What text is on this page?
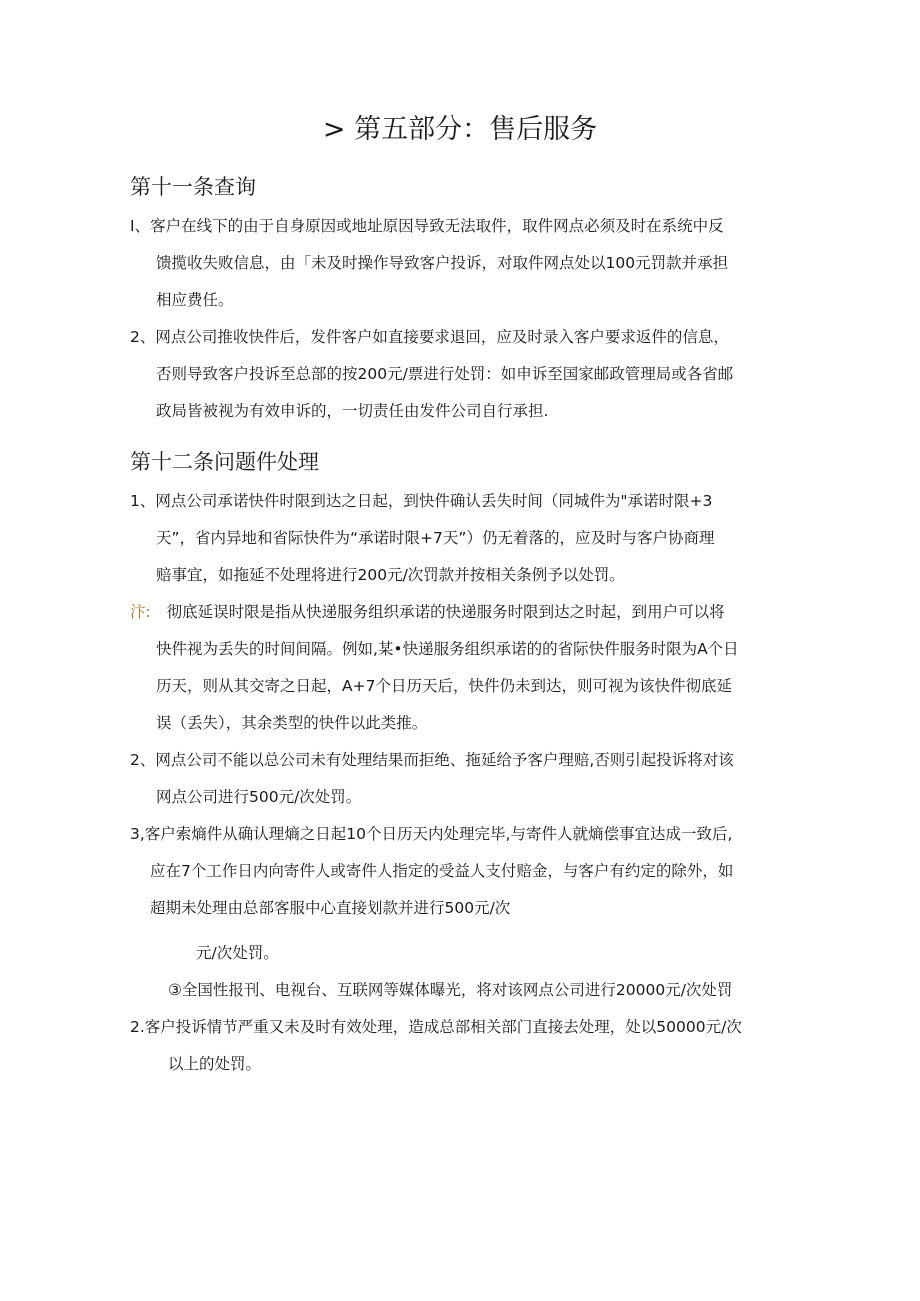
> 第五部分：售后服务
第十一条查询
I、客户在线下的由于自身原因或地址原因导致无法取件，取件网点必须及时在系统中反
馈揽收失败信息，由「未及时操作导致客户投诉，对取件网点处以100元罚款并承担
相应费任。
2、网点公司推收快件后，发件客户如直接要求退回，应及时录入客户要求返件的信息，
否则导致客户投诉至总部的按200元/票进行处罚：如申诉至国家邮政管理局或各省邮
政局皆被视为有效申诉的，一切责任由发件公司自行承担.
第十二条问题件处理
1、网点公司承诺快件时限到达之日起，到快件确认丢失时间（同城件为"承诺时限+3
天”，省内异地和省际快件为“承诺时限+7天”）仍无着落的，应及时与客户协商理
赔事宜，如拖延不处理将进行200元/次罚款并按相关条例予以处罚。
汴: 彻底延误时限是指从快递服务组织承诺的快递服务时限到达之时起，到用户可以将
快件视为丢失的时间间隔。例如,某•快递服务组织承诺的的省际快件服务时限为A个日
历天，则从其交寄之日起，A+7个日历天后，快件仍未到达，则可视为该快件彻底延
误（丢失），其余类型的快件以此类推。
2、网点公司不能以总公司未有处理结果而拒绝、拖延给予客户理赔,否则引起投诉将对该
网点公司进行500元/次处罚。
3,客户索熵件从确认理熵之日起10个日历天内处理完毕,与寄件人就熵偿事宜达成一致后,
应在7个工作日内向寄件人或寄件人指定的受益人支付赔金，与客户有约定的除外，如
超期未处理由总部客服中心直接划款并进行500元/次
元/次处罚。
③全国性报刊、电视台、互联网等媒体曝光，将对该网点公司进行20000元/次处罚
2.客户投诉情节严重又未及时有效处理，造成总部相关部门直接去处理，处以50000元/次
以上的处罚。
